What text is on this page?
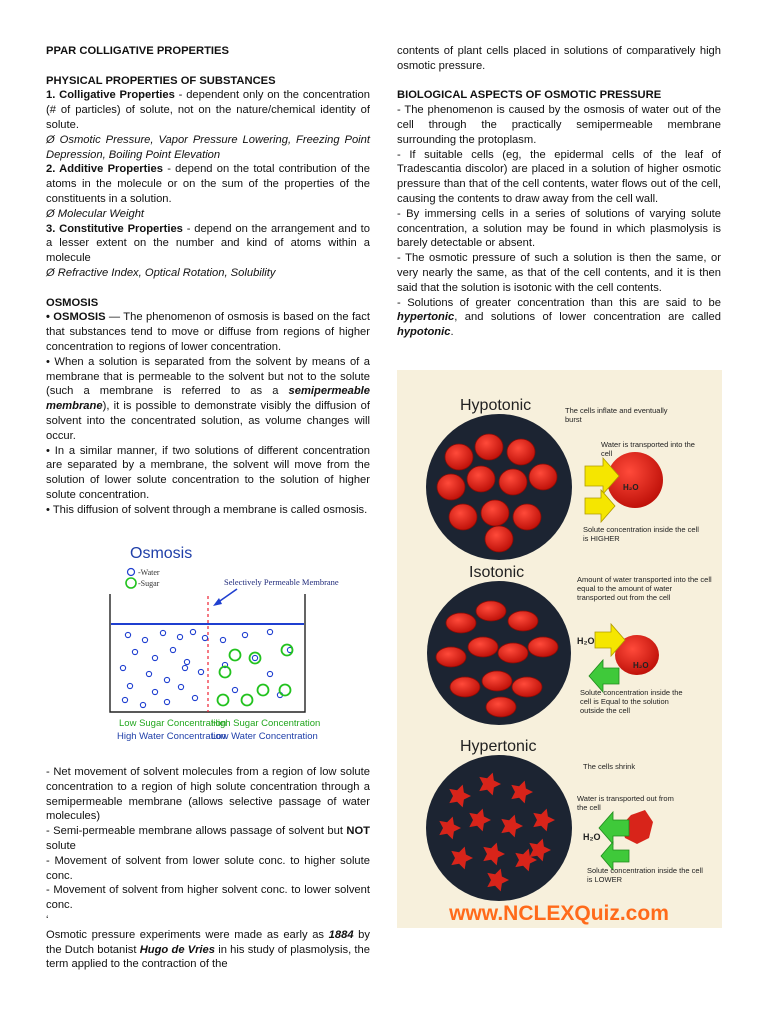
PPAR COLLIGATIVE PROPERTIES

PHYSICAL PROPERTIES OF SUBSTANCES

1. Colligative Properties - dependent only on the concentration (# of particles) of solute, not on the nature/chemical identity of solute.

Ø Osmotic Pressure, Vapor Pressure Lowering, Freezing Point Depression, Boiling Point Elevation

2. Additive Properties - depend on the total contribution of the atoms in the molecule or on the sum of the properties of the constituents in a solution.

Ø Molecular Weight

3. Constitutive Properties - depend on the arrangement and to a lesser extent on the number and kind of atoms within a molecule

Ø Refractive Index, Optical Rotation, Solubility

OSMOSIS

• OSMOSIS — The phenomenon of osmosis is based on the fact that substances tend to move or diffuse from regions of higher concentration to regions of lower concentration.

• When a solution is separated from the solvent by means of a membrane that is permeable to the solvent but not to the solute (such a membrane is referred to as a semipermeable membrane), it is possible to demonstrate visibly the diffusion of solvent into the concentrated solution, as volume changes will occur.

• In a similar manner, if two solutions of different concentration are separated by a membrane, the solvent will move from the solution of lower solute concentration to the solution of higher solute concentration.

• This diffusion of solvent through a membrane is called osmosis.

Osmosis
-Water
-Sugar	Selectively Permeable Membrane
Low Sugar Concentration
High Water Concentration
High Sugar Concentration
Low Water Concentration

- Net movement of solvent molecules from a region of low solute concentration to a region of high solute concentration through a semipermeable membrane (allows selective passage of water molecules)

- Semi-permeable membrane allows passage of solvent but NOT solute

- Movement of solvent from lower solute conc. to higher solute conc.

- Movement of solvent from higher solvent conc. to lower solvent conc.

‘

Osmotic pressure experiments were made as early as 1884 by the Dutch botanist Hugo de Vries in his study of plasmolysis, the term applied to the contraction of the

contents of plant cells placed in solutions of comparatively high osmotic pressure.

BIOLOGICAL ASPECTS OF OSMOTIC PRESSURE

- The phenomenon is caused by the osmosis of water out of the cell through the practically semipermeable membrane surrounding the protoplasm.

- If suitable cells (eg, the epidermal cells of the leaf of Tradescantia discolor) are placed in a solution of higher osmotic pressure than that of the cell contents, water flows out of the cell, causing the contents to draw away from the cell wall.

- By immersing cells in a series of solutions of varying solute concentration, a solution may be found in which plasmolysis is barely detectable or absent.

- The osmotic pressure of such a solution is then the same, or very nearly the same, as that of the cell contents, and it is then said that the solution is isotonic with the cell contents.

- Solutions of greater concentration than this are said to be hypertonic, and solutions of lower concentration are called hypotonic.

Hypotonic
H₂O
The cells inflate and eventually burst
Water is transported into the cell
Solute concentration inside the cell is HIGHER
Isotonic
H₂O
H₂O
Amount of water transported into the cell equal to the amount of water transported out from the cell
Solute concentration inside the cell is Equal to the solution outside the cell
Hypertonic
H₂O
The cells shrink
Water is transported out from the cell
Solute concentration inside the cell is LOWER
www.NCLEXQuiz.com
